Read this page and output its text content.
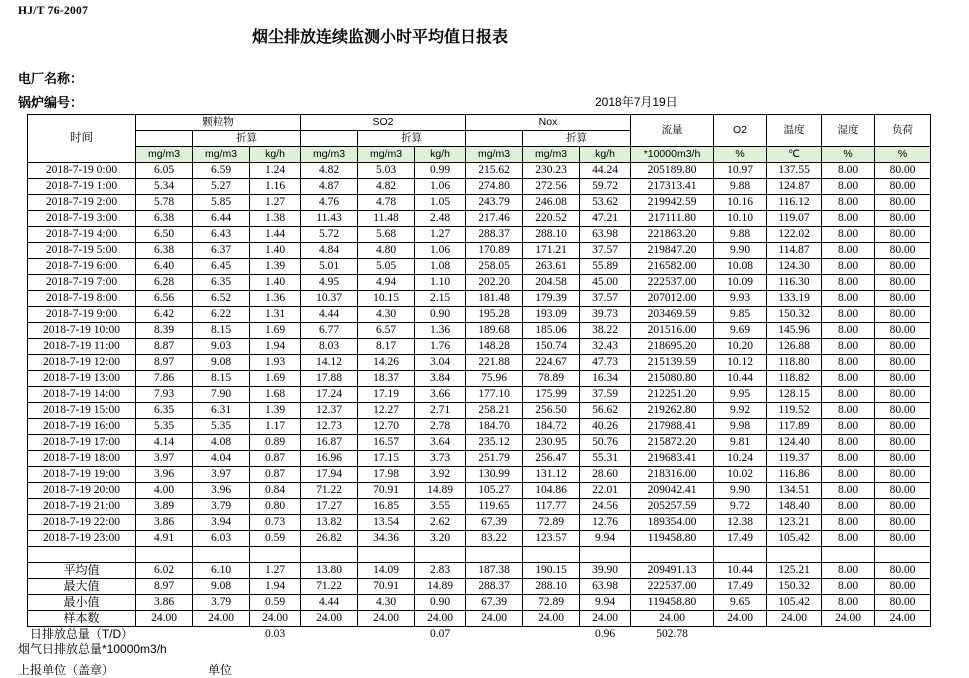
HJ/T 76-2007
烟尘排放连续监测小时平均值日报表
电厂名称：
锅炉编号：	2018年7月19日
时间	颗粒物			SO2			Nox			流量	O2	温度	湿度	负荷
		折算			折算			折算						
	mg/m3	mg/m3	kg/h	mg/m3	mg/m3	kg/h	mg/m3	mg/m3	kg/h	*10000m3/h	%	℃	%	%
2018-7-19 0:00	6.05	6.59	1.24	4.82	5.03	0.99	215.62	230.23	44.24	205189.80	10.97	137.55	8.00	80.00
2018-7-19 1:00	5.34	5.27	1.16	4.87	4.82	1.06	274.80	272.56	59.72	217313.41	9.88	124.87	8.00	80.00
2018-7-19 2:00	5.78	5.85	1.27	4.76	4.78	1.05	243.79	246.08	53.62	219942.59	10.16	116.12	8.00	80.00
2018-7-19 3:00	6.38	6.44	1.38	11.43	11.48	2.48	217.46	220.52	47.21	217111.80	10.10	119.07	8.00	80.00
2018-7-19 4:00	6.50	6.43	1.44	5.72	5.68	1.27	288.37	288.10	63.98	221863.20	9.88	122.02	8.00	80.00
2018-7-19 5:00	6.38	6.37	1.40	4.84	4.80	1.06	170.89	171.21	37.57	219847.20	9.90	114.87	8.00	80.00
2018-7-19 6:00	6.40	6.45	1.39	5.01	5.05	1.08	258.05	263.61	55.89	216582.00	10.08	124.30	8.00	80.00
2018-7-19 7:00	6.28	6.35	1.40	4.95	4.94	1.10	202.20	204.58	45.00	222537.00	10.09	116.30	8.00	80.00
2018-7-19 8:00	6.56	6.52	1.36	10.37	10.15	2.15	181.48	179.39	37.57	207012.00	9.93	133.19	8.00	80.00
2018-7-19 9:00	6.42	6.22	1.31	4.44	4.30	0.90	195.28	193.09	39.73	203469.59	9.85	150.32	8.00	80.00
2018-7-19 10:00	8.39	8.15	1.69	6.77	6.57	1.36	189.68	185.06	38.22	201516.00	9.69	145.96	8.00	80.00
2018-7-19 11:00	8.87	9.03	1.94	8.03	8.17	1.76	148.28	150.74	32.43	218695.20	10.20	126.88	8.00	80.00
2018-7-19 12:00	8.97	9.08	1.93	14.12	14.26	3.04	221.88	224.67	47.73	215139.59	10.12	118.80	8.00	80.00
2018-7-19 13:00	7.86	8.15	1.69	17.88	18.37	3.84	75.96	78.89	16.34	215080.80	10.44	118.82	8.00	80.00
2018-7-19 14:00	7.93	7.90	1.68	17.24	17.19	3.66	177.10	175.99	37.59	212251.20	9.95	128.15	8.00	80.00
2018-7-19 15:00	6.35	6.31	1.39	12.37	12.27	2.71	258.21	256.50	56.62	219262.80	9.92	119.52	8.00	80.00
2018-7-19 16:00	5.35	5.35	1.17	12.73	12.70	2.78	184.70	184.72	40.26	217988.41	9.98	117.89	8.00	80.00
2018-7-19 17:00	4.14	4.08	0.89	16.87	16.57	3.64	235.12	230.95	50.76	215872.20	9.81	124.40	8.00	80.00
2018-7-19 18:00	3.97	4.04	0.87	16.96	17.15	3.73	251.79	256.47	55.31	219683.41	10.24	119.37	8.00	80.00
2018-7-19 19:00	3.96	3.97	0.87	17.94	17.98	3.92	130.99	131.12	28.60	218316.00	10.02	116.86	8.00	80.00
2018-7-19 20:00	4.00	3.96	0.84	71.22	70.91	14.89	105.27	104.86	22.01	209042.41	9.90	134.51	8.00	80.00
2018-7-19 21:00	3.89	3.79	0.80	17.27	16.85	3.55	119.65	117.77	24.56	205257.59	9.72	148.40	8.00	80.00
2018-7-19 22:00	3.86	3.94	0.73	13.82	13.54	2.62	67.39	72.89	12.76	189354.00	12.38	123.21	8.00	80.00
2018-7-19 23:00	4.91	6.03	0.59	26.82	34.36	3.20	83.22	123.57	9.94	119458.80	17.49	105.42	8.00	80.00

平均值	6.02	6.10	1.27	13.80	14.09	2.83	187.38	190.15	39.90	209491.13	10.44	125.21	8.00	80.00
最大值	8.97	9.08	1.94	71.22	70.91	14.89	288.37	288.10	63.98	222537.00	17.49	150.32	8.00	80.00
最小值	3.86	3.79	0.59	4.44	4.30	0.90	67.39	72.89	9.94	119458.80	9.65	105.42	8.00	80.00
样本数	24.00	24.00	24.00	24.00	24.00	24.00	24.00	24.00	24.00	24.00	24.00	24.00	24.00	24.00
日排放总量（T/D）			0.03			0.07			0.96	502.78				
烟气日排放总量*10000m3/h
上报单位（盖章）	单位
